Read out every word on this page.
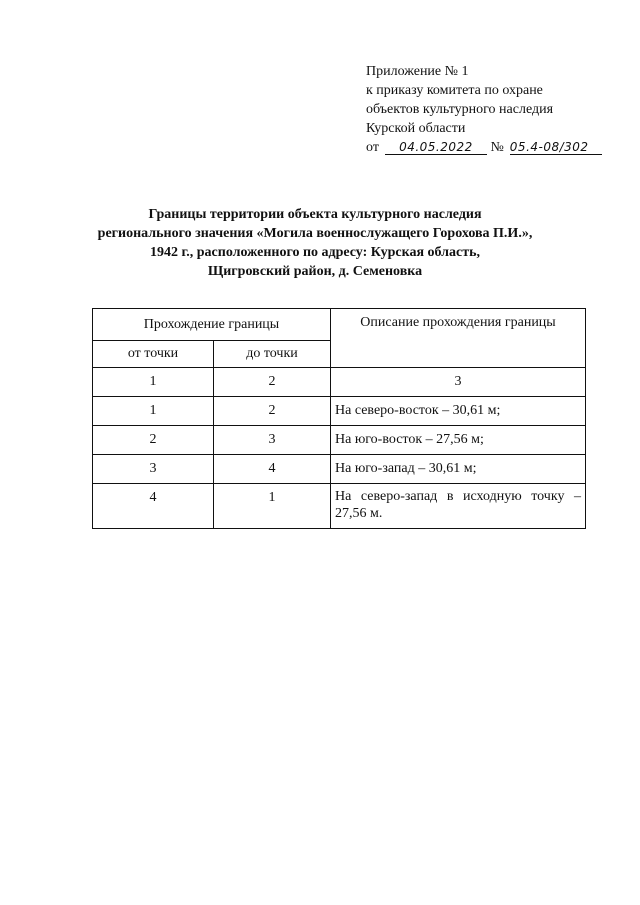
Приложение № 1
к приказу комитета по охране
объектов культурного наследия
Курской области
от 04.05.2022 № 05.4-08/302
Границы территории объекта культурного наследия
регионального значения «Могила военнослужащего Горохова П.И.»,
1942 г., расположенного по адресу: Курская область,
Щигровский район, д. Семеновка
Прохождение границы		Описание прохождения границы
от точки	до точки	
1	2	3
1	2	На северо-восток – 30,61 м;
2	3	На юго-восток – 27,56 м;
3	4	На юго-запад – 30,61 м;
4	1	На северо-запад в исходную точку – 27,56 м.
